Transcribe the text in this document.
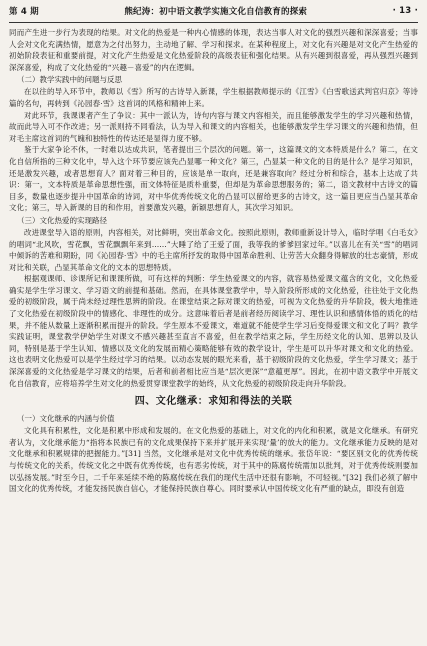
第 4 期	熊纪涛：初中语文教学实施文化自信教育的探索	· 13 ·

同而产生进一步行为表现的结果。对文化的热爱是一种内心情感的体现，表达当事人对文化的强烈兴趣和深深喜爱；当事人会对文化充满热情，愿意为之付出努力，主动地了解、学习和探求。在某种程度上，对文化有兴趣是对文化产生热爱的初始阶段表征和重要前提，对文化产生热爱是文化热爱阶段的高级表征和强化结果。从有兴趣到很喜爱，再从强烈兴趣到深深喜爱，构成了文化热爱的“兴趣－喜爱”的内在逻辑。

（二）教学实践中的问题与反思

在以往的导入环节中，教师以《雪》所写的古诗导入新课，学生根据教师提示的《江雪》《白雪歌送武判官归京》等诗篇的名句，再转到《沁园春·雪》这首词的风格和精神上来。

对此环节，我课课者产生了争议：其中一派认为，诗句内容与课文内容相关，而且能够激发学生的学习兴趣和热情，故而此导入可不作改进；另一派则持不同看法，认为导入和课文的内容相关，也能够激发学生学习课文的兴趣和热情，但对毛主席这首词的气魄和独特性的传达还是显得力度不够。

鉴于大家争论不休，一时难以达成共识，笔者提出三个层次的问题。第一，这篇课文的文本特质是什么？第二，在文化自信所指的三种文化中，导入这个环节要应该先凸显哪一种文化？第三，凸显某一种文化的目的是什么？是学习知识，还是激发兴趣，或者思想育人？面对着三种目的，应该是单一取向，还是兼容取向？经过分析和综合，基本上达成了共识：第一，文本特质是革命思想性强，而文体特征是质朴重要，但却是为革命思想服务的；第二，语文教材中古诗文的篇目多，数量也逐步提升中国革命的诗词，对中华优秀传统文化的凸显可以留给更多的古诗文，这一篇目更应当凸显其革命文化；第三，导入新课的目的和作用，首要激发兴趣，新颖思想育人，其次学习知识。

（三）文化热爱的实现路径

改进课堂导入语的原则，内容相关，对比鲜明，突出革命文化。按照此原则，教师重新设计导入，临时学唱《白毛女》的唱词“北风吹，雪花飘，雪花飘飘年来到……”大睡了给了王爱了面，我等我的爹爹回家过年。”以喜儿在有关“雪”的唱词中倾诉的苦难和期盼，同《沁园春·雪》中的毛主席所抒发的取得中国革命胜利、让劳苦大众翻身得解放的壮志豪情，形成对比和关联，凸显其革命文化的文本的思想特质。

根据观课师、诊课所记和课课所做，可有这样的判断：学生热爱课文的内容，就容易热爱课文蕴含的文化，文化热爱确实是学生学习课文、学习语文的前提和基础。然而，在具体课堂教学中，导入阶段所形成的文化热爱，往往处于文化热爱的初级阶段，属于尚未经过理性思辨的阶段。在课堂结束之际对课文的热爱，可视为文化热爱的升华阶段，极大地推进了文化热爱在初级阶段中的情感化、非理性的成分。这意味着后者是前者经历阅读学习、理性认识和感情体悟的质化的结果，并不能从数量上逐渐积累而提升的阶段。学生原本不爱课文，难道就不能使学生学习后变得爱课文和文化了吗？教学实践证明，课堂教学伊始学生对课文不感兴趣甚至直言不喜爱，但在教学结束之际，学生历经文化的认知、思辨以及认同，特别是基于学生认知、情感以及文化的发展而精心策略能够有效的教学设计，学生是可以升华对课文和文化的热爱。这也表明文化热爱可以是学生经过学习的结果。以动态发展的眼光来看，基于初级阶段的文化热爱，学生学习课文；基于深深喜爱的文化热爱是学习课文的结果，后者和前者相比应当是“层次更深”“意蕴更厚”。因此，在初中语文教学中开展文化自信教育，应将培养学生对文化的热爱贯穿课堂教学的始终，从文化热爱的初级阶段走向升华阶段。

四、文化继承：求知和得法的关联
（一）文化继承的内涵与价值

文化具有积累性，文化是积累中形成和发展的。在文化热爱的基础上，对文化的内化和积累，就是文化继承。有研究者认为，文化继承能力“指将本民族已有的文化成果保持下来并扩展开来实现‘量’的放大的能力。文化继承能力反映的是对文化继承和积累规律的把握能力。”[31] 当然，文化继承是对文化中优秀传统的继承。张岱年说：“要区别文化的优秀传统与传统文化的关系，传统文化之中既有优秀传统，也有恶劣传统，对于其中的陈腐传统需加以批判，对于优秀传统则要加以弘扬发展。”时至今日，二千年来延续不绝的陈腐传统在我们的现代生活中还很有影响，不可轻视。”[32] 我们必须了解中国文化的优秀传统，才能发扬民族自信心，才能保持民族自尊心。同时要承认中国传统文化有严重的缺点，即没有创造
